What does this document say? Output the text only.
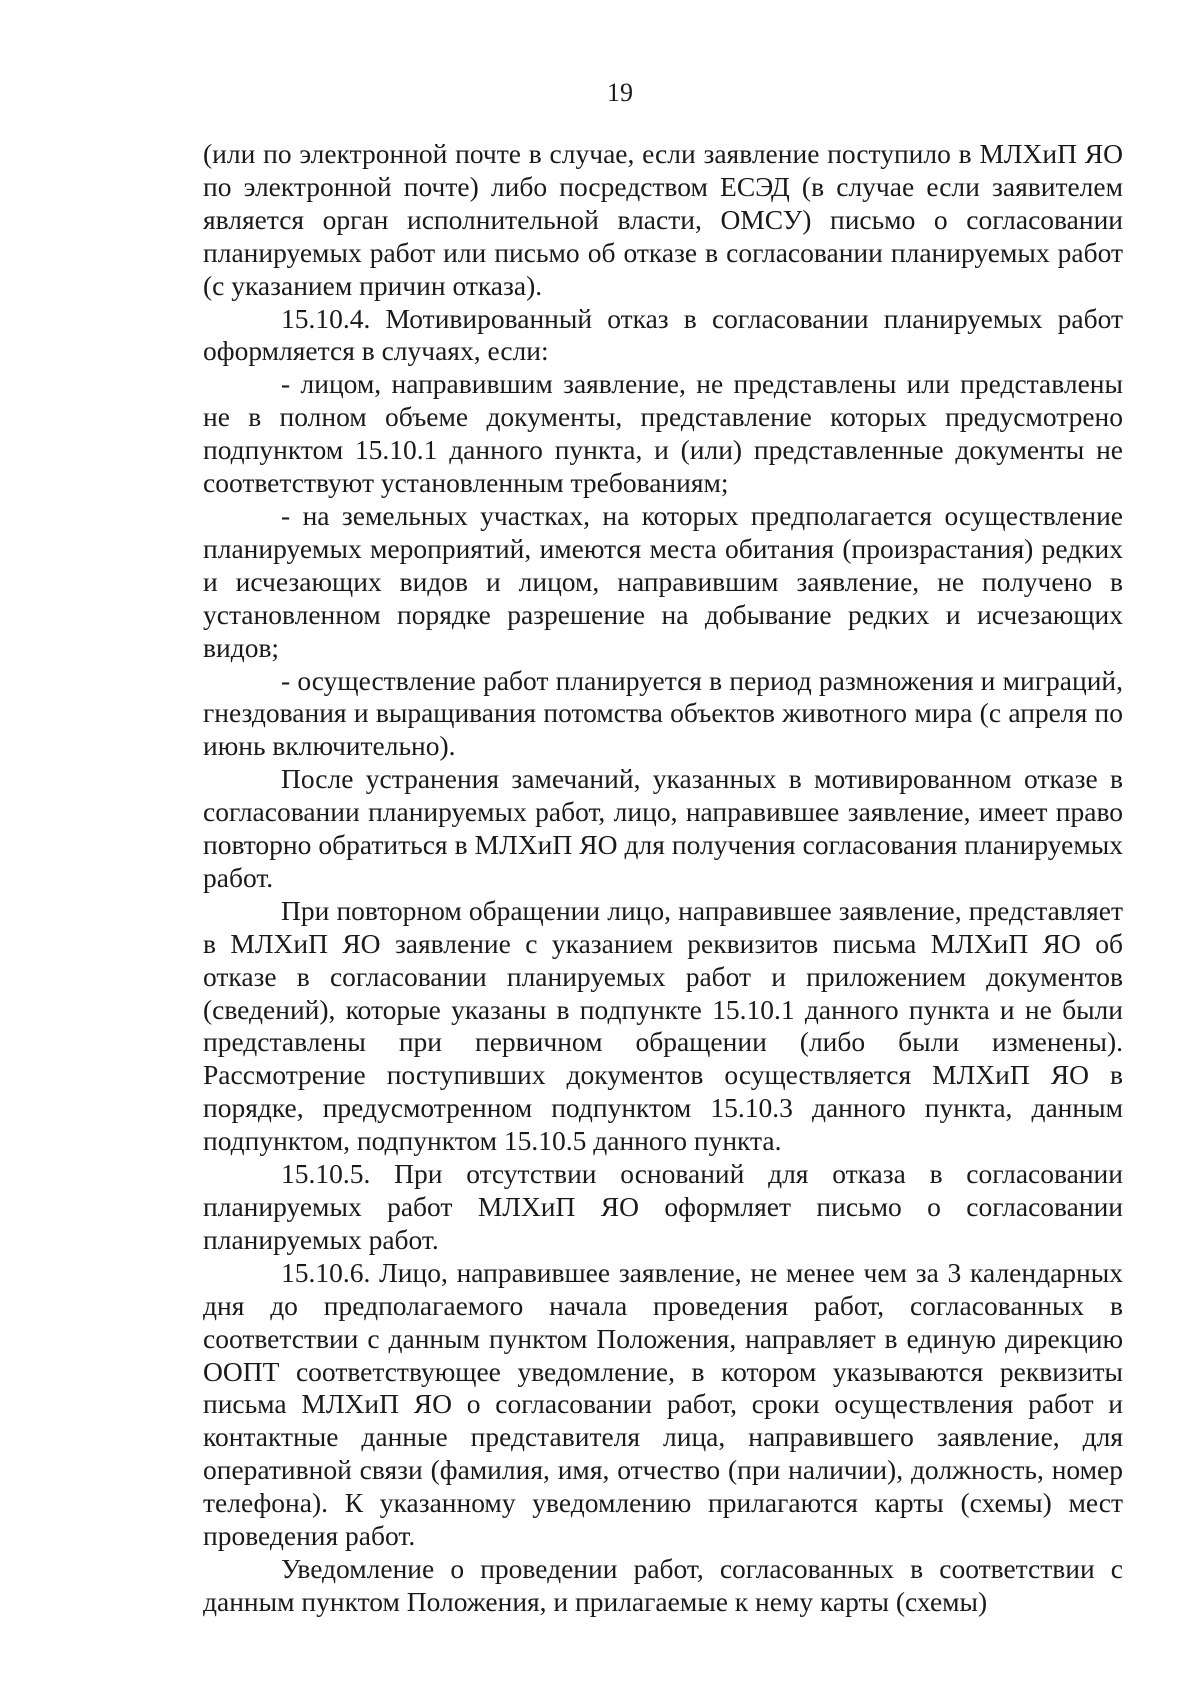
19

(или по электронной почте в случае, если заявление поступило в МЛХиП ЯО по электронной почте) либо посредством ЕСЭД (в случае если заявителем является орган исполнительной власти, ОМСУ) письмо о согласовании планируемых работ или письмо об отказе в согласовании планируемых работ (с указанием причин отказа).

15.10.4. Мотивированный отказ в согласовании планируемых работ оформляется в случаях, если:

- лицом, направившим заявление, не представлены или представлены не в полном объеме документы, представление которых предусмотрено подпунктом 15.10.1 данного пункта, и (или) представленные документы не соответствуют установленным требованиям;

- на земельных участках, на которых предполагается осуществление планируемых мероприятий, имеются места обитания (произрастания) редких и исчезающих видов и лицом, направившим заявление, не получено в установленном порядке разрешение на добывание редких и исчезающих видов;

- осуществление работ планируется в период размножения и миграций, гнездования и выращивания потомства объектов животного мира (с апреля по июнь включительно).

После устранения замечаний, указанных в мотивированном отказе в согласовании планируемых работ, лицо, направившее заявление, имеет право повторно обратиться в МЛХиП ЯО для получения согласования планируемых работ.

При повторном обращении лицо, направившее заявление, представляет в МЛХиП ЯО заявление с указанием реквизитов письма МЛХиП ЯО об отказе в согласовании планируемых работ и приложением документов (сведений), которые указаны в подпункте 15.10.1 данного пункта и не были представлены при первичном обращении (либо были изменены). Рассмотрение поступивших документов осуществляется МЛХиП ЯО в порядке, предусмотренном подпунктом 15.10.3 данного пункта, данным подпунктом, подпунктом 15.10.5 данного пункта.

15.10.5. При отсутствии оснований для отказа в согласовании планируемых работ МЛХиП ЯО оформляет письмо о согласовании планируемых работ.

15.10.6. Лицо, направившее заявление, не менее чем за 3 календарных дня до предполагаемого начала проведения работ, согласованных в соответствии с данным пунктом Положения, направляет в единую дирекцию ООПТ соответствующее уведомление, в котором указываются реквизиты письма МЛХиП ЯО о согласовании работ, сроки осуществления работ и контактные данные представителя лица, направившего заявление, для оперативной связи (фамилия, имя, отчество (при наличии), должность, номер телефона). К указанному уведомлению прилагаются карты (схемы) мест проведения работ.

Уведомление о проведении работ, согласованных в соответствии с данным пунктом Положения, и прилагаемые к нему карты (схемы)
